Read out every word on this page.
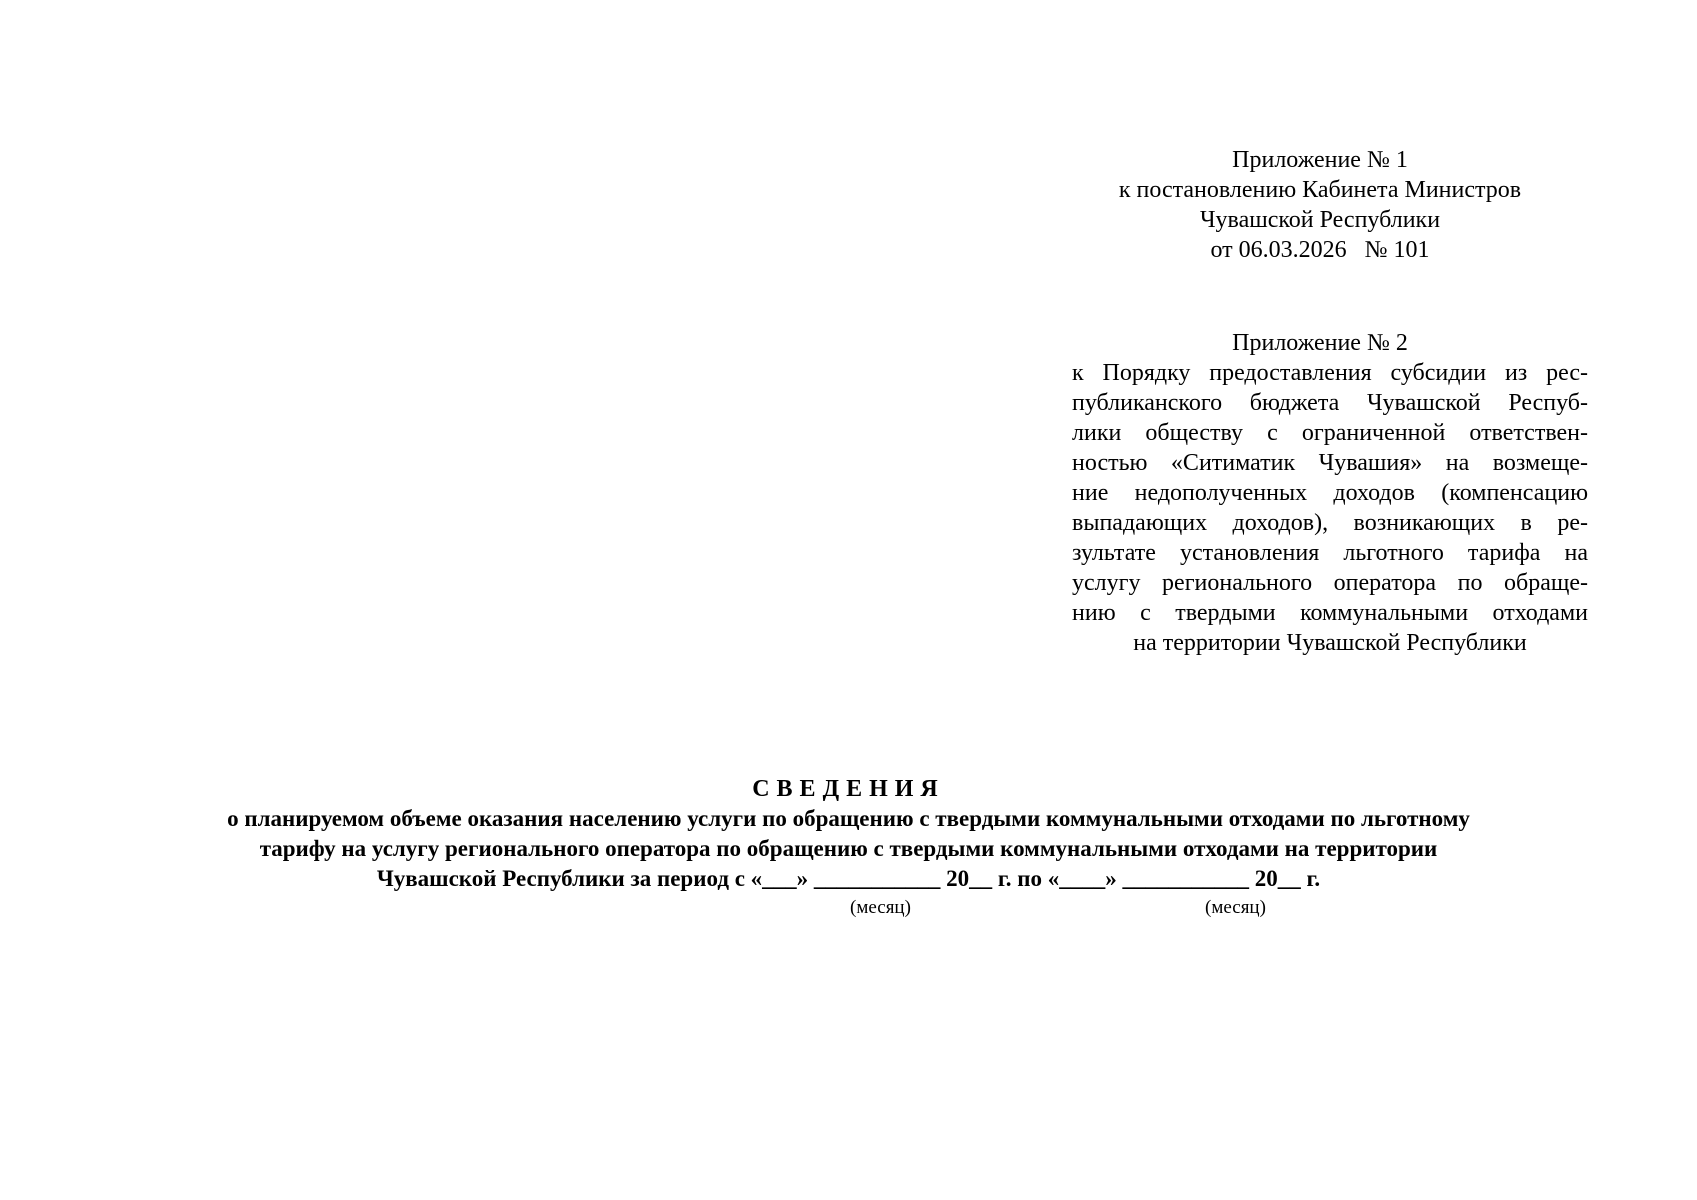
Приложение № 1
к постановлению Кабинета Министров
Чувашской Республики
от 06.03.2026   № 101
Приложение № 2
к Порядку предоставления субсидии из рес-
публиканского бюджета Чувашской Респуб-
лики обществу с ограниченной ответствен-
ностью «Ситиматик Чувашия» на возмеще-
ние недополученных доходов (компенсацию
выпадающих доходов), возникающих в ре-
зультате установления льготного тарифа на
услугу регионального оператора по обраще-
нию с твердыми коммунальными отходами
на территории Чувашской Республики
СВЕДЕНИЯ
о планируемом объеме оказания населению услуги по обращению с твердыми коммунальными отходами по льготному
тарифу на услугу регионального оператора по обращению с твердыми коммунальными отходами на территории
Чувашской Республики за период с «___» ___________ 20__ г. по «____» ___________ 20__ г.
(месяц)	(месяц)
